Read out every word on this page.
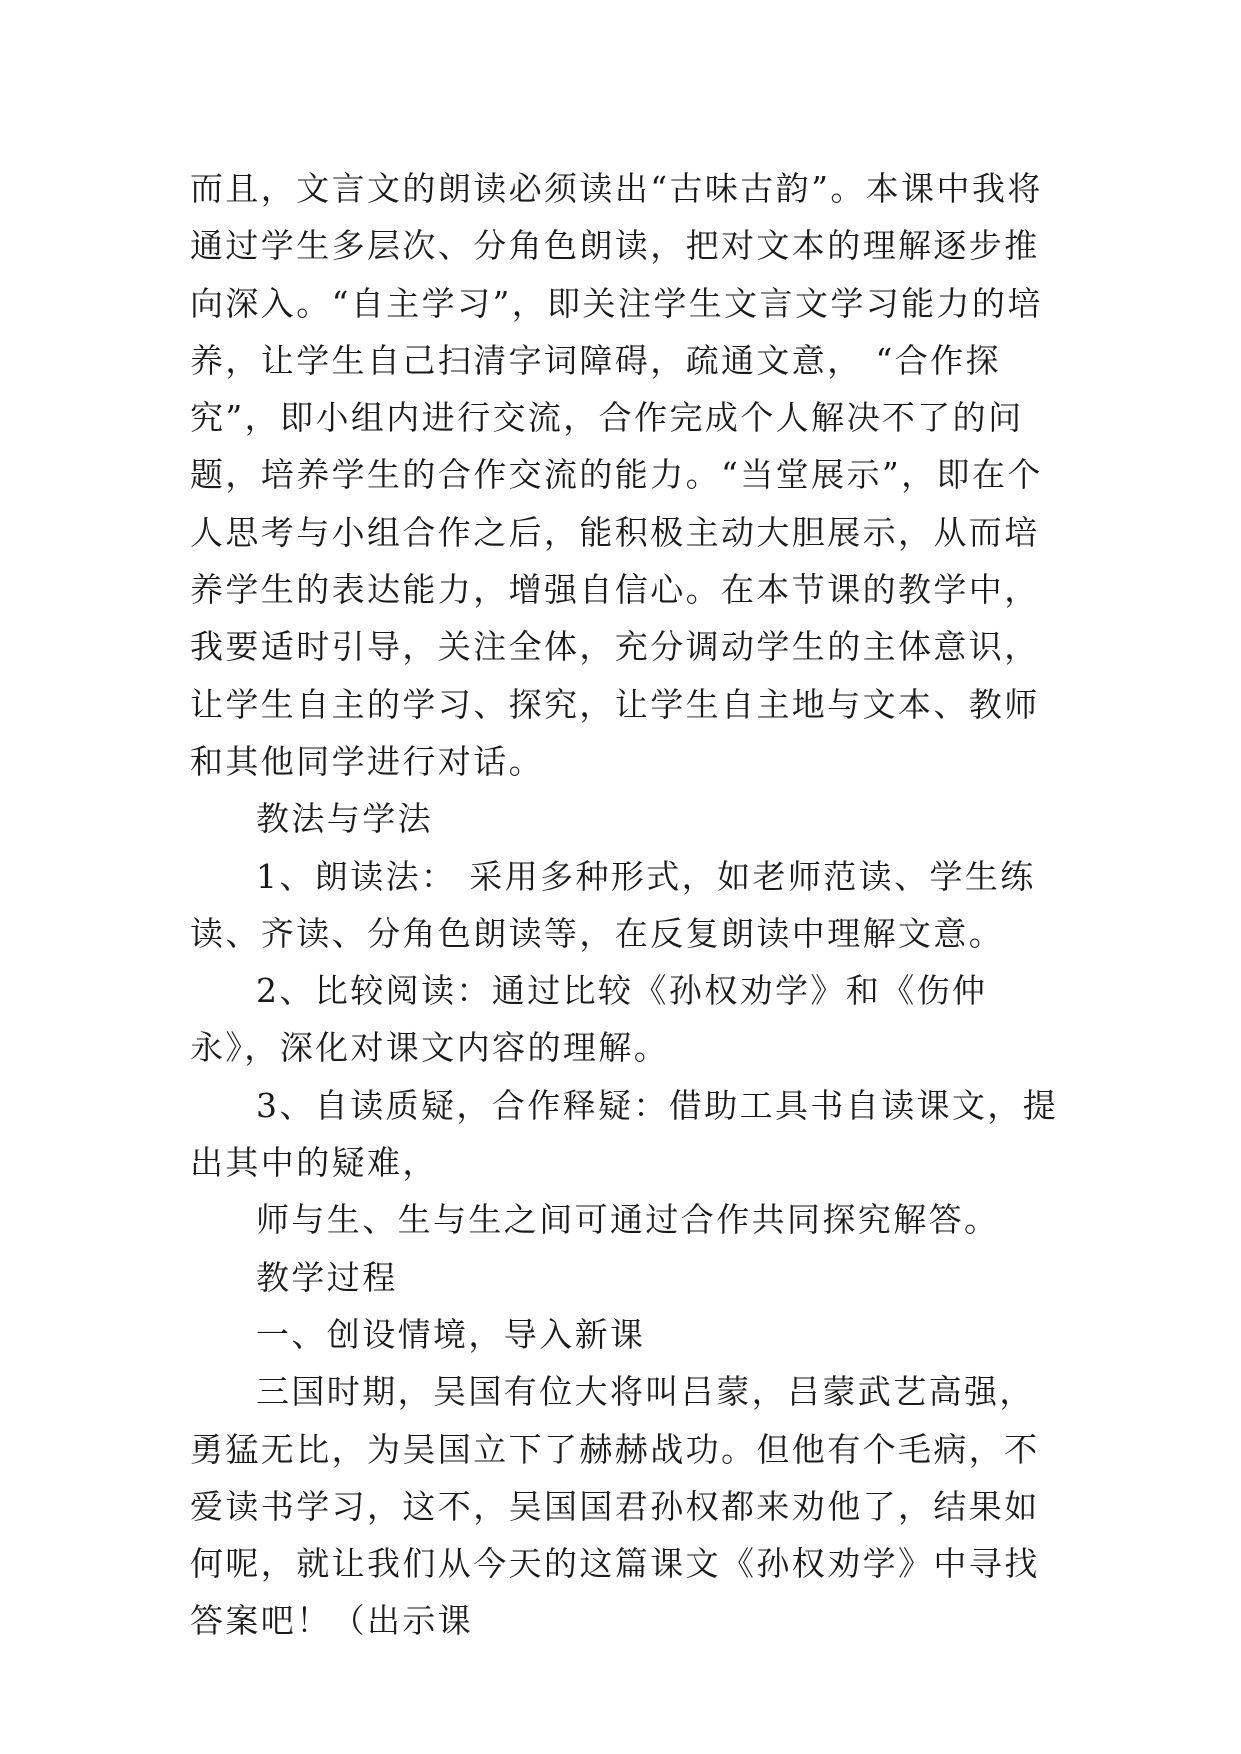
而且，文言文的朗读必须读出“古味古韵”。本课中我将通过学生多层次、分角色朗读，把对文本的理解逐步推向深入。“自主学习”，即关注学生文言文学习能力的培养，让学生自己扫清字词障碍，疏通文意， “合作探究”，即小组内进行交流，合作完成个人解决不了的问题，培养学生的合作交流的能力。“当堂展示”，即在个人思考与小组合作之后，能积极主动大胆展示，从而培养学生的表达能力，增强自信心。在本节课的教学中，我要适时引导，关注全体，充分调动学生的主体意识，让学生自主的学习、探究，让学生自主地与文本、教师和其他同学进行对话。

教法与学法

1、朗读法： 采用多种形式，如老师范读、学生练读、齐读、分角色朗读等，在反复朗读中理解文意。

2、比较阅读：通过比较《孙权劝学》和《伤仲永》，深化对课文内容的理解。

3、自读质疑，合作释疑：借助工具书自读课文，提出其中的疑难，

师与生、生与生之间可通过合作共同探究解答。

教学过程

一、创设情境，导入新课

三国时期，吴国有位大将叫吕蒙，吕蒙武艺高强，勇猛无比，为吴国立下了赫赫战功。但他有个毛病，不爱读书学习，这不，吴国国君孙权都来劝他了，结果如何呢，就让我们从今天的这篇课文《孙权劝学》中寻找答案吧！（出示课
